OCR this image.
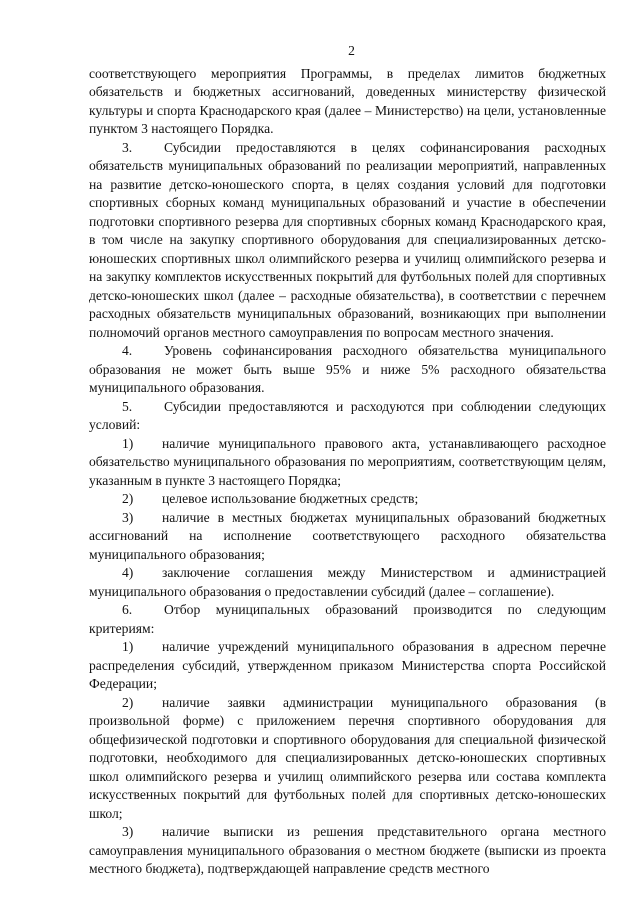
2

соответствующего мероприятия Программы, в пределах лимитов бюджетных обязательств и бюджетных ассигнований, доведенных министерству физической культуры и спорта Краснодарского края (далее – Министерство) на цели, установленные пунктом 3 настоящего Порядка.

3. Субсидии предоставляются в целях софинансирования расходных обязательств муниципальных образований по реализации мероприятий, направленных на развитие детско-юношеского спорта, в целях создания условий для подготовки спортивных сборных команд муниципальных образований и участие в обеспечении подготовки спортивного резерва для спортивных сборных команд Краснодарского края, в том числе на закупку спортивного оборудования для специализированных детско-юношеских спортивных школ олимпийского резерва и училищ олимпийского резерва и на закупку комплектов искусственных покрытий для футбольных полей для спортивных детско-юношеских школ (далее – расходные обязательства), в соответствии с перечнем расходных обязательств муниципальных образований, возникающих при выполнении полномочий органов местного самоуправления по вопросам местного значения.

4. Уровень софинансирования расходного обязательства муниципального образования не может быть выше 95% и ниже 5% расходного обязательства муниципального образования.

5. Субсидии предоставляются и расходуются при соблюдении следующих условий:

1) наличие муниципального правового акта, устанавливающего расходное обязательство муниципального образования по мероприятиям, соответствующим целям, указанным в пункте 3 настоящего Порядка;

2) целевое использование бюджетных средств;

3) наличие в местных бюджетах муниципальных образований бюджетных ассигнований на исполнение соответствующего расходного обязательства муниципального образования;

4) заключение соглашения между Министерством и администрацией муниципального образования о предоставлении субсидий (далее – соглашение).

6. Отбор муниципальных образований производится по следующим критериям:

1) наличие учреждений муниципального образования в адресном перечне распределения субсидий, утвержденном приказом Министерства спорта Российской Федерации;

2) наличие заявки администрации муниципального образования (в произвольной форме) с приложением перечня спортивного оборудования для общефизической подготовки и спортивного оборудования для специальной физической подготовки, необходимого для специализированных детско-юношеских спортивных школ олимпийского резерва и училищ олимпийского резерва или состава комплекта искусственных покрытий для футбольных полей для спортивных детско-юношеских школ;

3) наличие выписки из решения представительного органа местного самоуправления муниципального образования о местном бюджете (выписки из проекта местного бюджета), подтверждающей направление средств местного
